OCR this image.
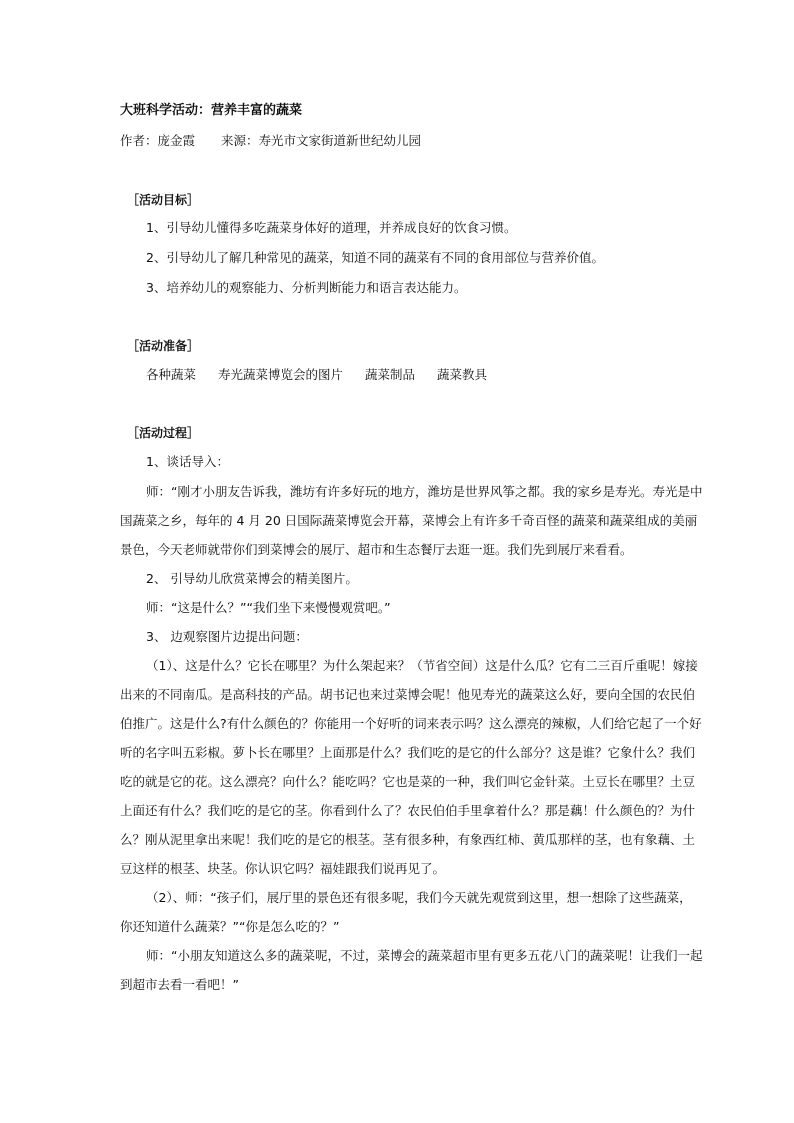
大班科学活动：营养丰富的蔬菜
作者：庞金霞 来源：寿光市文家街道新世纪幼儿园
［活动目标］
1、引导幼儿懂得多吃蔬菜身体好的道理，并养成良好的饮食习惯。
2、引导幼儿了解几种常见的蔬菜，知道不同的蔬菜有不同的食用部位与营养价值。
3、培养幼儿的观察能力、分析判断能力和语言表达能力。
［活动准备］
各种蔬菜 寿光蔬菜博览会的图片 蔬菜制品 蔬菜教具
［活动过程］
1、谈话导入：
师：“刚才小朋友告诉我，潍坊有许多好玩的地方，潍坊是世界风筝之都。我的家乡是寿光。寿光是中
国蔬菜之乡，每年的 4 月 20 日国际蔬菜博览会开幕，菜博会上有许多千奇百怪的蔬菜和蔬菜组成的美丽
景色，今天老师就带你们到菜博会的展厅、超市和生态餐厅去逛一逛。我们先到展厅来看看。
2、 引导幼儿欣赏菜博会的精美图片。
师：“这是什么？”“我们坐下来慢慢观赏吧。”
3、 边观察图片边提出问题：
（1）、这是什么？它长在哪里？为什么架起来？（节省空间）这是什么瓜？它有二三百斤重呢！嫁接
出来的不同南瓜。是高科技的产品。胡书记也来过菜博会呢！他见寿光的蔬菜这么好，要向全国的农民伯
伯推广。这是什么?有什么颜色的？你能用一个好听的词来表示吗？这么漂亮的辣椒，人们给它起了一个好
听的名字叫五彩椒。萝卜长在哪里？上面那是什么？我们吃的是它的什么部分？这是谁？它象什么？我们
吃的就是它的花。这么漂亮？向什么？能吃吗？它也是菜的一种，我们叫它金针菜。土豆长在哪里？土豆
上面还有什么？我们吃的是它的茎。你看到什么了？农民伯伯手里拿着什么？那是藕！什么颜色的？为什
么？刚从泥里拿出来呢！我们吃的是它的根茎。茎有很多种，有象西红柿、黄瓜那样的茎，也有象藕、土
豆这样的根茎、块茎。你认识它吗？福娃跟我们说再见了。
（2）、师：“孩子们，展厅里的景色还有很多呢，我们今天就先观赏到这里，想一想除了这些蔬菜，
你还知道什么蔬菜？”“你是怎么吃的？”
师：“小朋友知道这么多的蔬菜呢，不过，菜博会的蔬菜超市里有更多五花八门的蔬菜呢！让我们一起
到超市去看一看吧！”
